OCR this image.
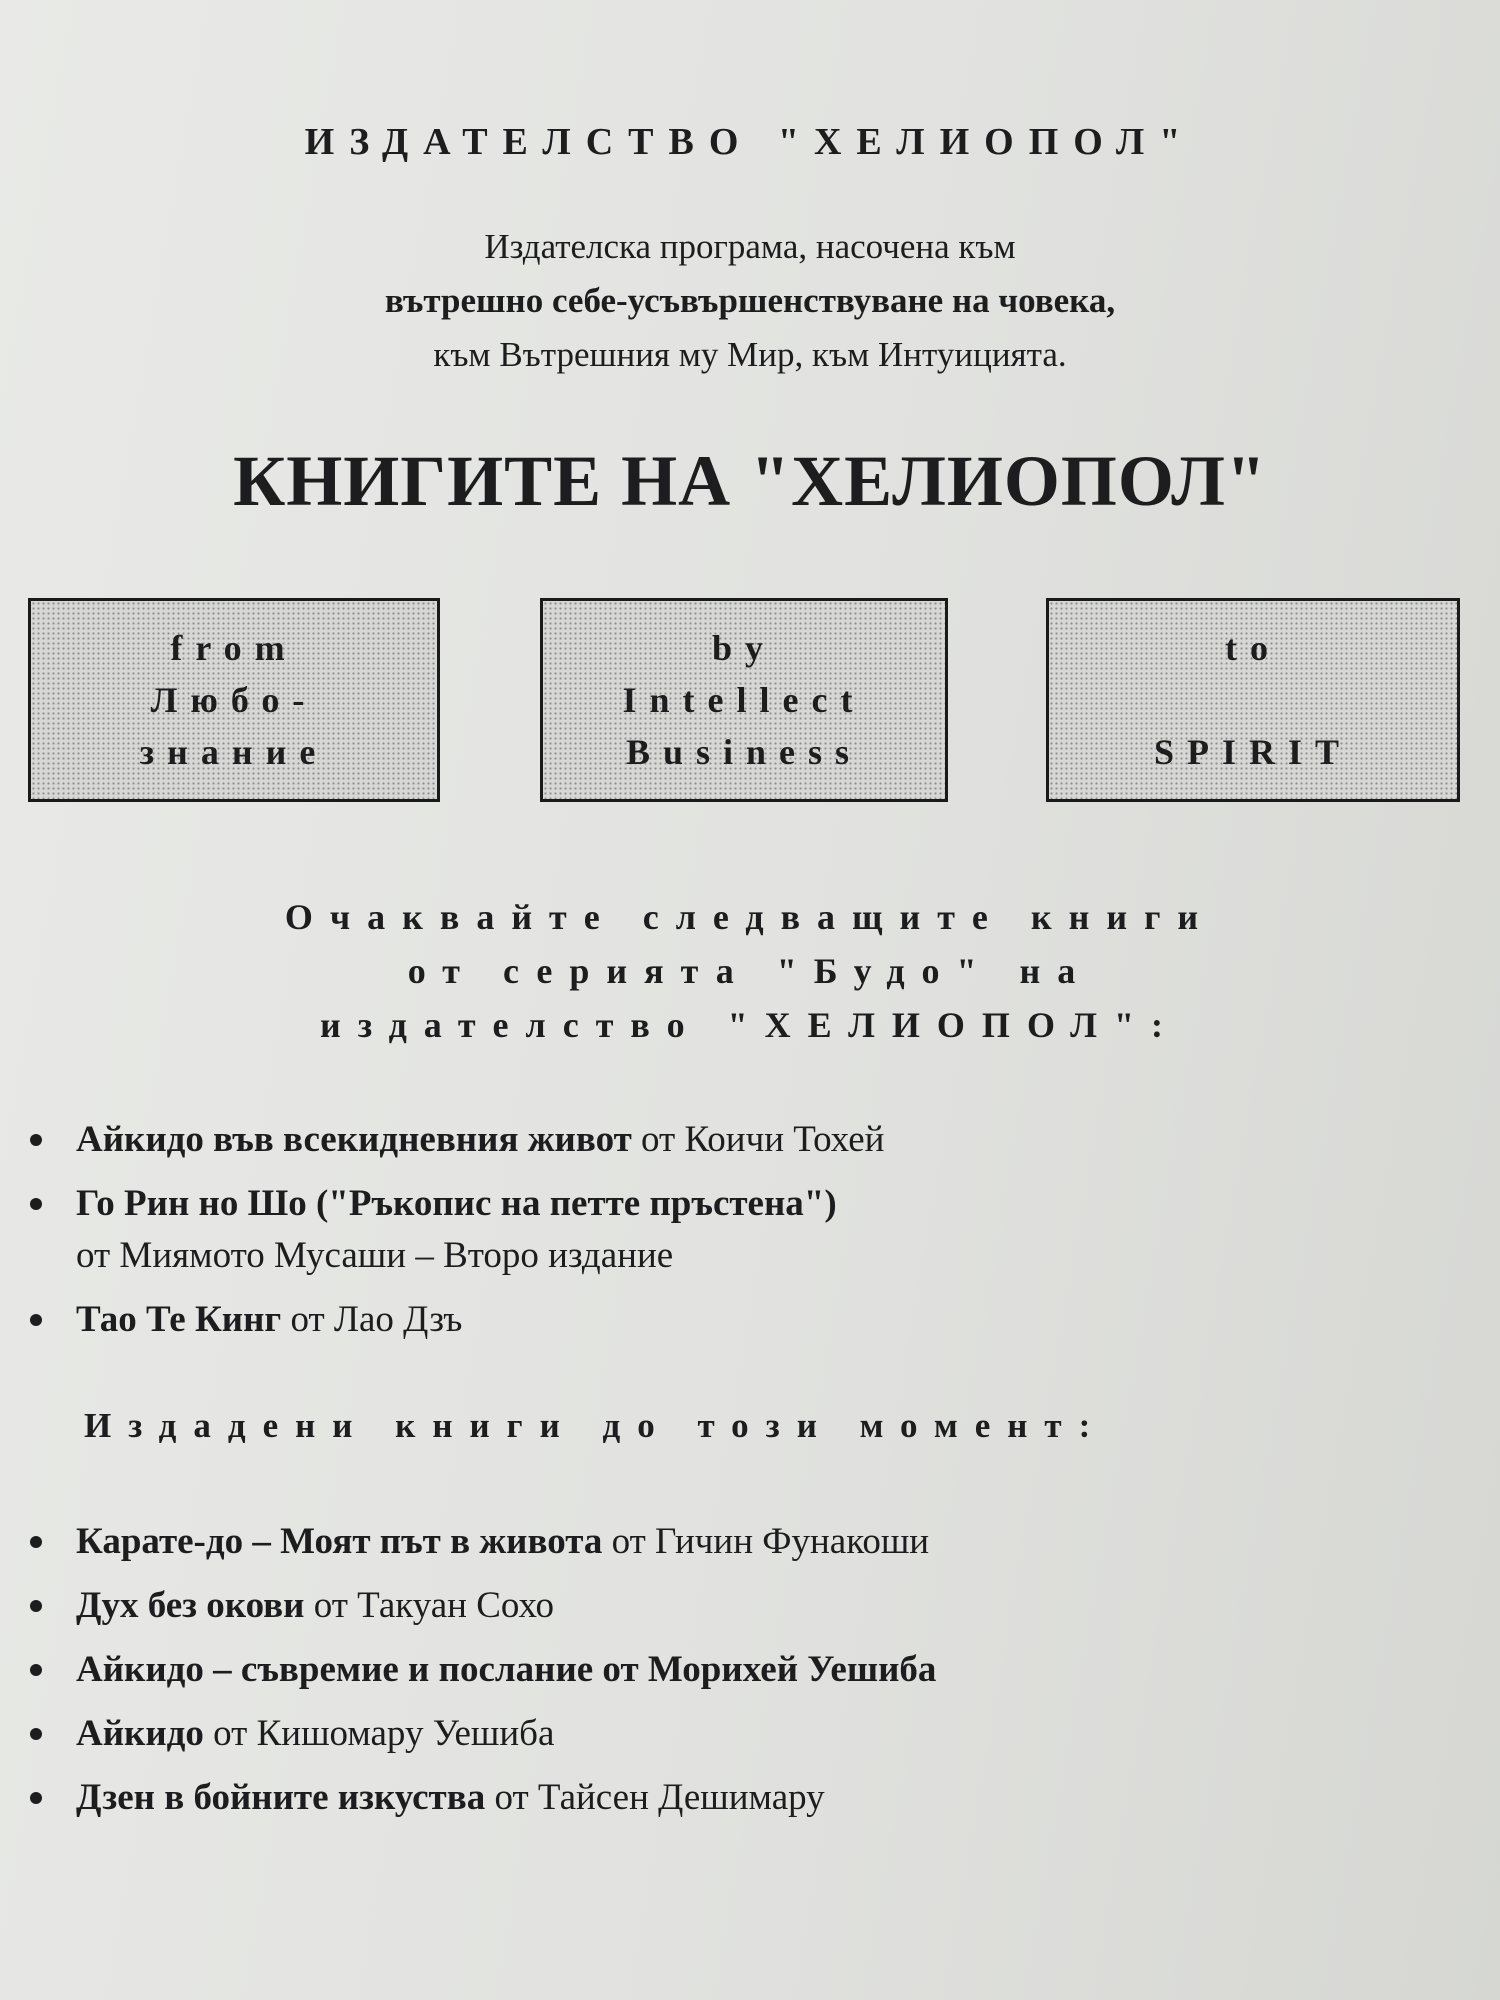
ИЗДАТЕЛСТВО "ХЕЛИОПОЛ"
Издателска програма, насочена към
вътрешно себе-усъвършенствуване на човека,
към Вътрешния му Мир, към Интуицията.
КНИГИТЕ НА "ХЕЛИОПОЛ"
from
Любо-
знание
by
Intellect
Business
to

SPIRIT
Очаквайте следващите книги
от серията "Будо" на
издателство "ХЕЛИОПОЛ":
Айкидо във всекидневния живот от Коичи Тохей
Го Рин но Шо ("Ръкопис на петте пръстена")
от Миямото Мусаши – Второ издание
Тао Те Кинг от Лао Дзъ
Издадени книги до този момент:
Карате-до – Моят път в живота от Гичин Фунакоши
Дух без окови от Такуан Сохо
Айкидо – съвремие и послание от Морихей Уешиба
Айкидо от Кишомару Уешиба
Дзен в бойните изкуства от Тайсен Дешимару
